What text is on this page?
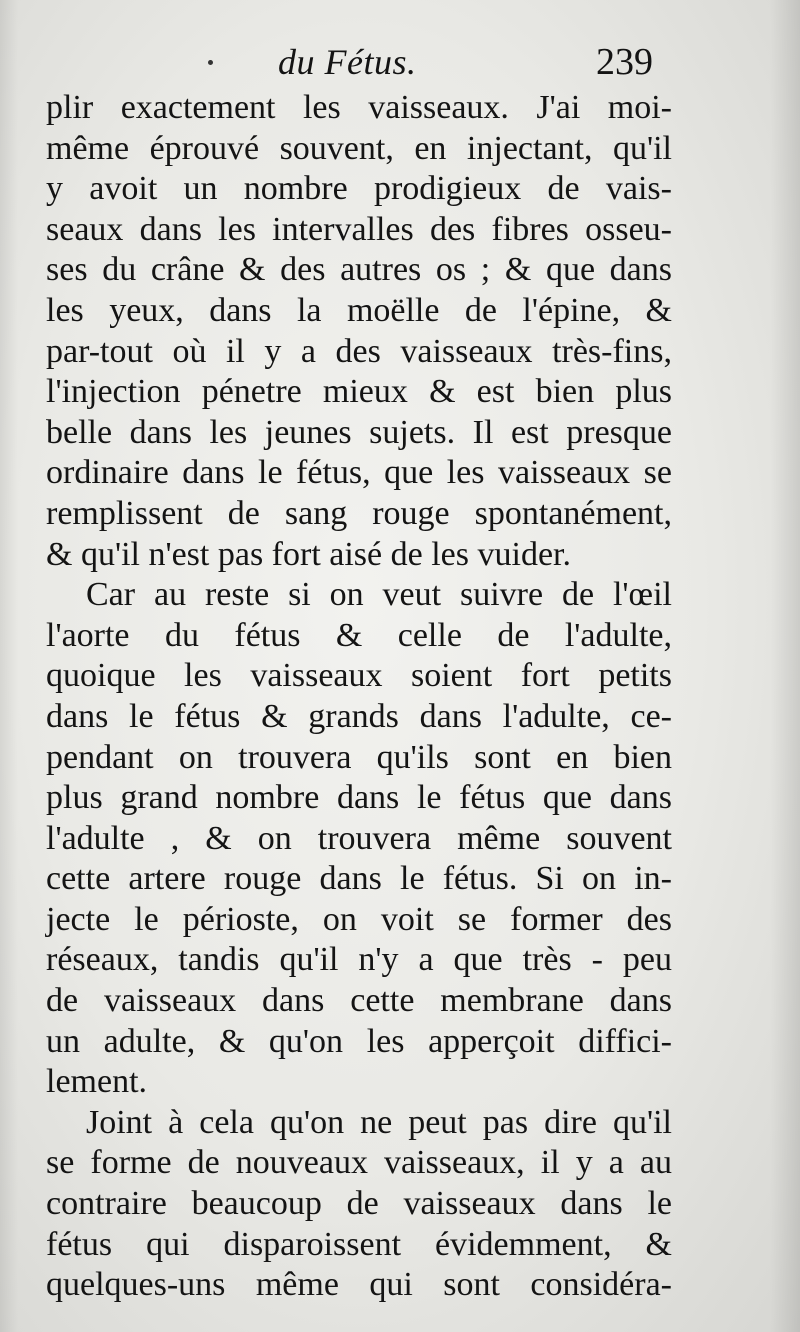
du Fétus.	239
plir exactement les vaisseaux. J'ai moi-
même éprouvé souvent, en injectant, qu'il
y avoit un nombre prodigieux de vais-
seaux dans les intervalles des fibres osseu-
ses du crâne & des autres os ; & que dans
les yeux, dans la moëlle de l'épine, &
par-tout où il y a des vaisseaux très-fins,
l'injection pénetre mieux & est bien plus
belle dans les jeunes sujets. Il est presque
ordinaire dans le fétus, que les vaisseaux se
remplissent de sang rouge spontanément,
& qu'il n'est pas fort aisé de les vuider.
Car au reste si on veut suivre de l'œil
l'aorte du fétus & celle de l'adulte,
quoique les vaisseaux soient fort petits
dans le fétus & grands dans l'adulte, ce-
pendant on trouvera qu'ils sont en bien
plus grand nombre dans le fétus que dans
l'adulte , & on trouvera même souvent
cette artere rouge dans le fétus. Si on in-
jecte le périoste, on voit se former des
réseaux, tandis qu'il n'y a que très - peu
de vaisseaux dans cette membrane dans
un adulte, & qu'on les apperçoit diffici-
lement.
Joint à cela qu'on ne peut pas dire qu'il
se forme de nouveaux vaisseaux, il y a au
contraire beaucoup de vaisseaux dans le
fétus qui disparoissent évidemment, &
quelques-uns même qui sont considéra-
